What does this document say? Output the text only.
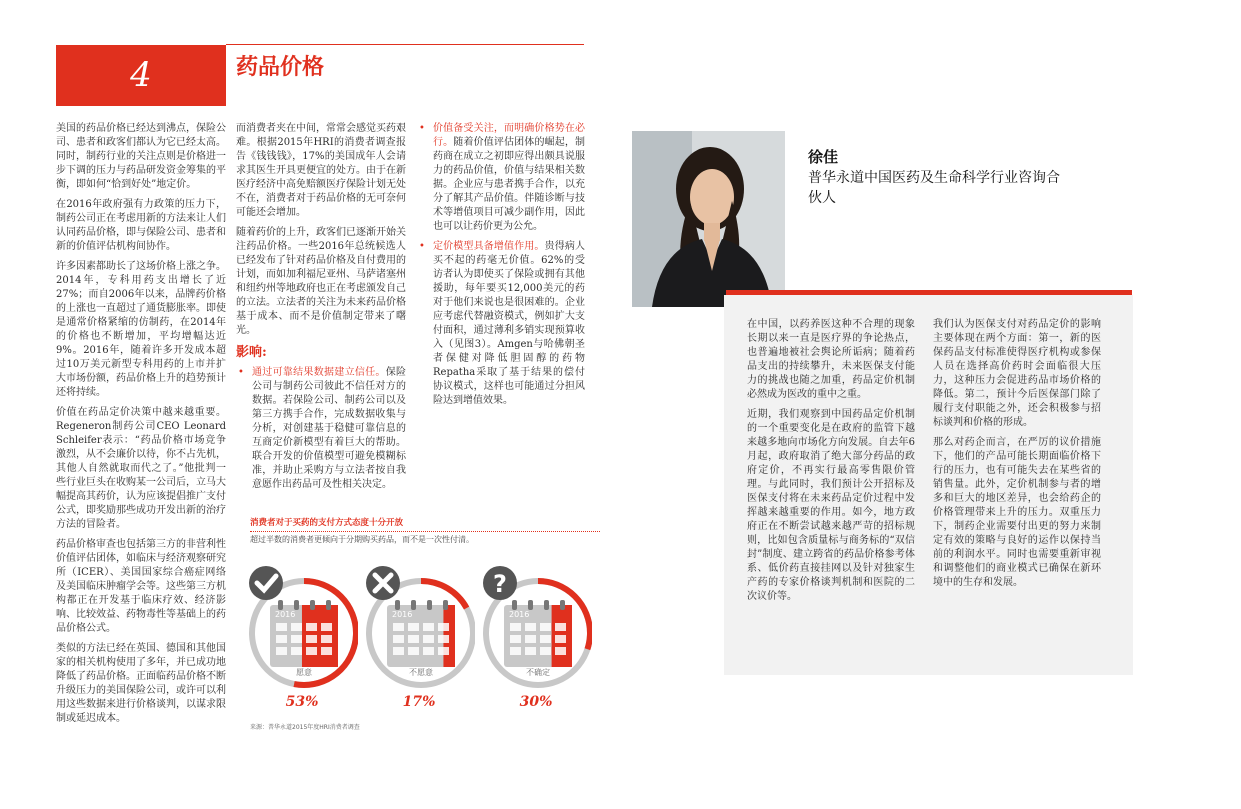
4	药品价格

美国的药品价格已经达到沸点，保险公司、患者和政客们都认为它已经太高。同时，制药行业的关注点则是价格进一步下调的压力与药品研发资金筹集的平衡，即如何“恰到好处”地定价。

在2016年政府强有力政策的压力下，制药公司正在考虑用新的方法来让人们认同药品价格，即与保险公司、患者和新的价值评估机构间协作。

许多因素都助长了这场价格上涨之争。2014年，专科用药支出增长了近27%；而自2006年以来，品牌药价格的上涨也一直超过了通货膨胀率。即使是通常价格紧缩的仿制药，在2014年的价格也不断增加，平均增幅达近9%。2016年，随着许多开发成本超过10万美元新型专科用药的上市并扩大市场份额，药品价格上升的趋势预计还将持续。

价值在药品定价决策中越来越重要。Regeneron制药公司CEO Leonard Schleifer表示：“药品价格市场竞争激烈，从不会廉价以待，你不占先机，其他人自然就取而代之了。”他批判一些行业巨头在收购某一公司后，立马大幅提高其药价，认为应该提倡推广支付公式，即奖励那些成功开发出新的治疗方法的冒险者。

药品价格审查也包括第三方的非营利性价值评估团体，如临床与经济观察研究所（ICER）、美国国家综合癌症网络及美国临床肿瘤学会等。这些第三方机构都正在开发基于临床疗效、经济影响、比较效益、药物毒性等基础上的药品价格公式。

类似的方法已经在英国、德国和其他国家的相关机构使用了多年，并已成功地降低了药品价格。正面临药品价格不断升级压力的美国保险公司，或许可以利用这些数据来进行价格谈判，以谋求限制或延迟成本。

而消费者夹在中间，常常会感觉买药艰难。根据2015年HRI的消费者调查报告《钱钱钱》，17%的美国成年人会请求其医生开具更便宜的处方。由于在新医疗经济中高免赔额医疗保险计划无处不在，消费者对于药品价格的无可奈何可能还会增加。

随着药价的上升，政客们已逐渐开始关注药品价格。一些2016年总统候选人已经发布了针对药品价格及自付费用的计划，而如加利福尼亚州、马萨诸塞州和纽约州等地政府也正在考虑颁发自己的立法。立法者的关注为未来药品价格基于成本、而不是价值制定带来了曙光。

影响:
• 通过可靠结果数据建立信任。保险公司与制药公司彼此不信任对方的数据。若保险公司、制药公司以及第三方携手合作，完成数据收集与分析，对创建基于稳健可靠信息的互商定价新模型有着巨大的帮助。联合开发的价值模型可避免模糊标准，并助止采购方与立法者按自我意愿作出药品可及性相关决定。
• 价值备受关注，而明确价格势在必行。随着价值评估团体的崛起，制药商在成立之初即应得出颇具说服力的药品价值，价值与结果相关数据。企业应与患者携手合作，以充分了解其产品价值。伴随诊断与技术等增值项目可减少副作用，因此也可以让药价更为公允。
• 定价模型具备增值作用。贵得病人买不起的药毫无价值。62%的受访者认为即使买了保险或拥有其他援助，每年要买12,000美元的药对于他们来说也是很困难的。企业应考虑代替融资模式，例如扩大支付面积，通过薄利多销实现预算收入（见图3）。Amgen与哈佛朝圣者保健对降低胆固醇的药物Repatha采取了基于结果的偿付协议模式，这样也可能通过分担风险达到增值效果。
消费者对于买药的支付方式态度十分开放
超过半数的消费者更倾向于分期购买药品，而不是一次性付清。
2016
愿意
2016
不愿意
2016
不确定
?
53%	17%	30%
来源：普华永道2015年度HRI消费者调查
徐佳
普华永道中国医药及生命科学行业咨询合伙人

在中国，以药养医这种不合理的现象长期以来一直是医疗界的争论热点，也普遍地被社会舆论所诟病；随着药品支出的持续攀升，未来医保支付能力的挑战也随之加重，药品定价机制必然成为医改的重中之重。

近期，我们观察到中国药品定价机制的一个重要变化是在政府的监管下越来越多地向市场化方向发展。自去年6月起，政府取消了绝大部分药品的政府定价，不再实行最高零售限价管理。与此同时，我们预计公开招标及医保支付将在未来药品定价过程中发挥越来越重要的作用。如今，地方政府正在不断尝试越来越严苛的招标规则，比如包含质量标与商务标的“双信封”制度、建立跨省的药品价格参考体系、低价药直接挂网以及针对独家生产药的专家价格谈判机制和医院的二次议价等。

我们认为医保支付对药品定价的影响主要体现在两个方面：第一，新的医保药品支付标准使得医疗机构或参保人员在选择高价药时会面临很大压力，这种压力会促进药品市场价格的降低。第二，预计今后医保部门除了履行支付职能之外，还会积极参与招标谈判和价格的形成。

那么对药企而言，在严厉的议价措施下，他们的产品可能长期面临价格下行的压力，也有可能失去在某些省的销售量。此外，定价机制参与者的增多和巨大的地区差异，也会给药企的价格管理带来上升的压力。双重压力下，制药企业需要付出更的努力来制定有效的策略与良好的运作以保持当前的利润水平。同时也需要重新审视和调整他们的商业模式已确保在新环境中的生存和发展。
